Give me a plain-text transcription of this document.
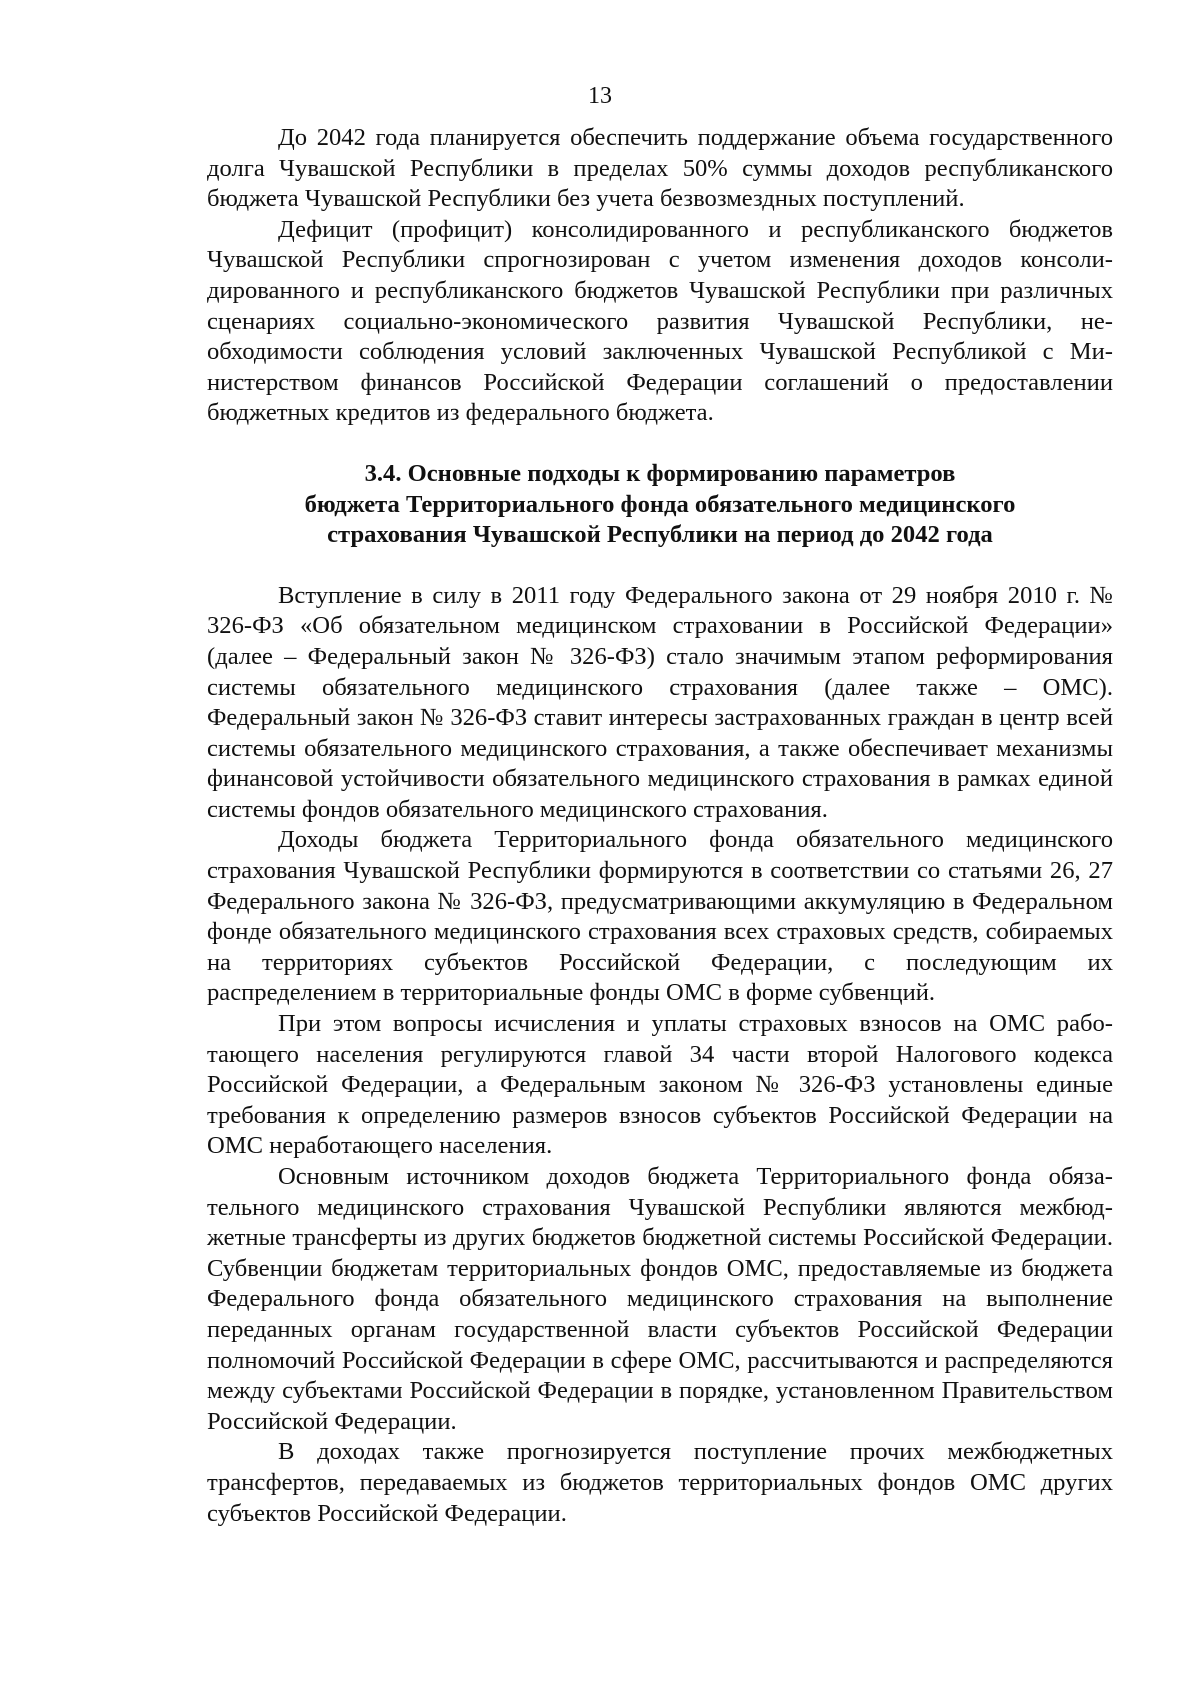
13

До 2042 года планируется обеспечить поддержание объема государственного долга Чувашской Республики в пределах 50% суммы доходов республиканского бюджета Чувашской Республики без учета безвозмездных поступлений.

Дефицит (профицит) консолидированного и республиканского бюджетов Чувашской Республики спрогнозирован с учетом изменения доходов консолидированного и республиканского бюджетов Чувашской Республики при различных сценариях социально-экономического развития Чувашской Республики, необходимости соблюдения условий заключенных Чувашской Республикой с Министерством финансов Российской Федерации соглашений о предоставлении бюджетных кредитов из федерального бюджета.

3.4. Основные подходы к формированию параметров
бюджета Территориального фонда обязательного медицинского
страхования Чувашской Республики на период до 2042 года

Вступление в силу в 2011 году Федерального закона от 29 ноября 2010 г. № 326-ФЗ «Об обязательном медицинском страховании в Российской Федерации» (далее – Федеральный закон № 326-ФЗ) стало значимым этапом реформирования системы обязательного медицинского страхования (далее также – ОМС). Федеральный закон № 326-ФЗ ставит интересы застрахованных граждан в центр всей системы обязательного медицинского страхования, а также обеспечивает механизмы финансовой устойчивости обязательного медицинского страхования в рамках единой системы фондов обязательного медицинского страхования.

Доходы бюджета Территориального фонда обязательного медицинского страхования Чувашской Республики формируются в соответствии со статьями 26, 27 Федерального закона № 326-ФЗ, предусматривающими аккумуляцию в Федеральном фонде обязательного медицинского страхования всех страховых средств, собираемых на территориях субъектов Российской Федерации, с последующим их распределением в территориальные фонды ОМС в форме субвенций.

При этом вопросы исчисления и уплаты страховых взносов на ОМС работающего населения регулируются главой 34 части второй Налогового кодекса Российской Федерации, а Федеральным законом № 326-ФЗ установлены единые требования к определению размеров взносов субъектов Российской Федерации на ОМС неработающего населения.

Основным источником доходов бюджета Территориального фонда обязательного медицинского страхования Чувашской Республики являются межбюджетные трансферты из других бюджетов бюджетной системы Российской Федерации. Субвенции бюджетам территориальных фондов ОМС, предоставляемые из бюджета Федерального фонда обязательного медицинского страхования на выполнение переданных органам государственной власти субъектов Российской Федерации полномочий Российской Федерации в сфере ОМС, рассчитываются и распределяются между субъектами Российской Федерации в порядке, установленном Правительством Российской Федерации.

В доходах также прогнозируется поступление прочих межбюджетных трансфертов, передаваемых из бюджетов территориальных фондов ОМС других субъектов Российской Федерации.
